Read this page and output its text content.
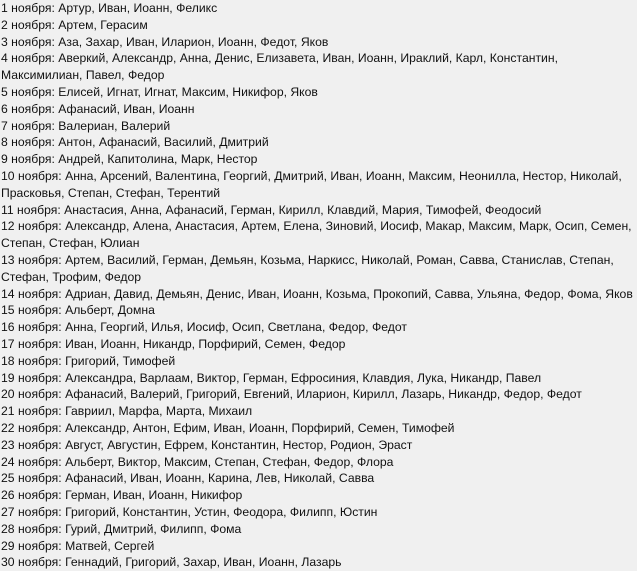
1 ноября: Артур, Иван, Иоанн, Феликс
2 ноября: Артем, Герасим
3 ноября: Аза, Захар, Иван, Иларион, Иоанн, Федот, Яков
4 ноября: Аверкий, Александр, Анна, Денис, Елизавета, Иван, Иоанн, Ираклий, Карл, Константин, Максимилиан, Павел, Федор
5 ноября: Елисей, Игнат, Игнат, Максим, Никифор, Яков
6 ноября: Афанасий, Иван, Иоанн
7 ноября: Валериан, Валерий
8 ноября: Антон, Афанасий, Василий, Дмитрий
9 ноября: Андрей, Капитолина, Марк, Нестор
10 ноября: Анна, Арсений, Валентина, Георгий, Дмитрий, Иван, Иоанн, Максим, Неонилла, Нестор, Николай, Прасковья, Степан, Стефан, Терентий
11 ноября: Анастасия, Анна, Афанасий, Герман, Кирилл, Клавдий, Мария, Тимофей, Феодосий
12 ноября: Александр, Алена, Анастасия, Артем, Елена, Зиновий, Иосиф, Макар, Максим, Марк, Осип, Семен, Степан, Стефан, Юлиан
13 ноября: Артем, Василий, Герман, Демьян, Козьма, Наркисс, Николай, Роман, Савва, Станислав, Степан, Стефан, Трофим, Федор
14 ноября: Адриан, Давид, Демьян, Денис, Иван, Иоанн, Козьма, Прокопий, Савва, Ульяна, Федор, Фома, Яков
15 ноября: Альберт, Домна
16 ноября: Анна, Георгий, Илья, Иосиф, Осип, Светлана, Федор, Федот
17 ноября: Иван, Иоанн, Никандр, Порфирий, Семен, Федор
18 ноября: Григорий, Тимофей
19 ноября: Александра, Варлаам, Виктор, Герман, Ефросиния, Клавдия, Лука, Никандр, Павел
20 ноября: Афанасий, Валерий, Григорий, Евгений, Иларион, Кирилл, Лазарь, Никандр, Федор, Федот
21 ноября: Гавриил, Марфа, Марта, Михаил
22 ноября: Александр, Антон, Ефим, Иван, Иоанн, Порфирий, Семен, Тимофей
23 ноября: Август, Августин, Ефрем, Константин, Нестор, Родион, Эраст
24 ноября: Альберт, Виктор, Максим, Степан, Стефан, Федор, Флора
25 ноября: Афанасий, Иван, Иоанн, Карина, Лев, Николай, Савва
26 ноября: Герман, Иван, Иоанн, Никифор
27 ноября: Григорий, Константин, Устин, Феодора, Филипп, Юстин
28 ноября: Гурий, Дмитрий, Филипп, Фома
29 ноября: Матвей, Сергей
30 ноября: Геннадий, Григорий, Захар, Иван, Иоанн, Лазарь
